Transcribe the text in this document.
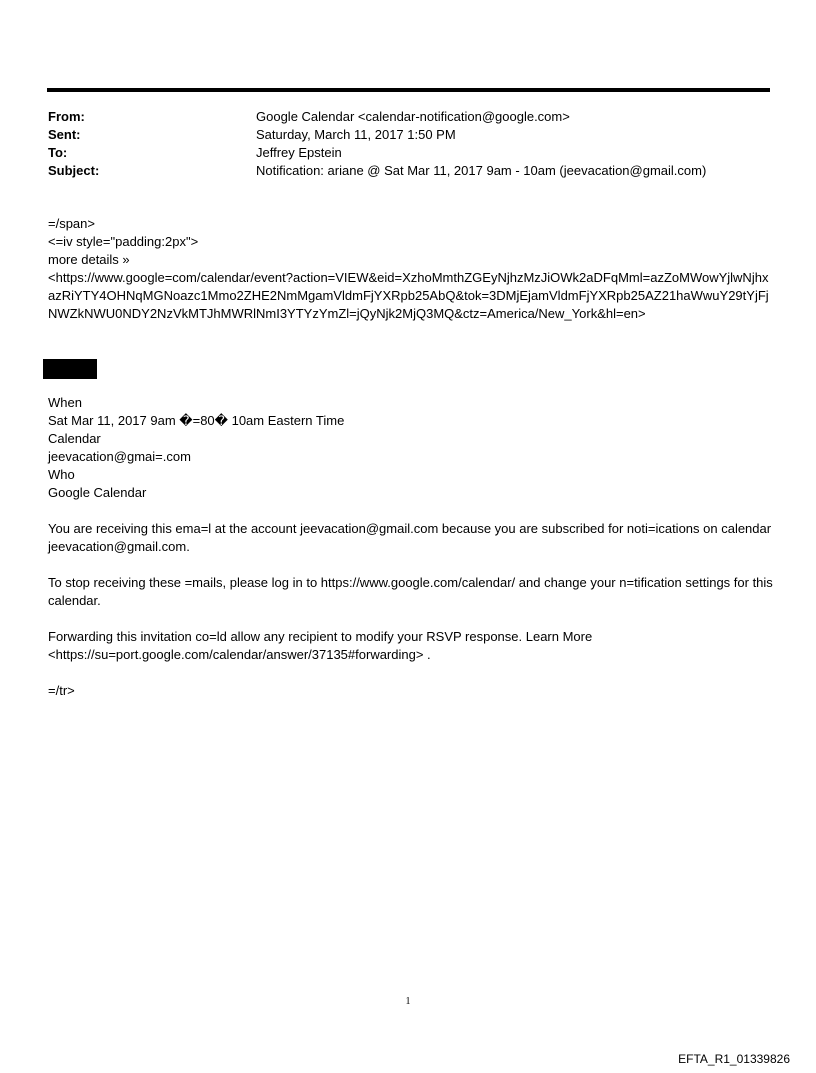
From:	Google Calendar <calendar-notification@google.com>
Sent:	Saturday, March 11, 2017 1:50 PM
To:	Jeffrey Epstein
Subject:	Notification: ariane @ Sat Mar 11, 2017 9am - 10am (jeevacation@gmail.com)

=/span>

<=iv style="padding:2px">

more details »

<https://www.google=com/calendar/event?action=VIEW&eid=XzhoMmthZGEyNjhzMzJiOWk2aDFqMml=azZoMWowYjlwNjhxazRiYTY4OHNqMGNoazc1Mmo2ZHE2NmMgamVldmFjYXRpb25AbQ&tok=3DMjEjamVldmFjYXRpb25AZ21haWwuY29tYjFjNWZkNWU0NDY2NzVkMTJhMWRlNmI3YTYzYmZl=jQyNjk2MjQ3MQ&ctz=America/New_York&hl=en>

When

Sat Mar 11, 2017 9am �=80� 10am Eastern Time

Calendar

jeevacation@gmai=.com

Who

Google Calendar

You are receiving this ema=l at the account jeevacation@gmail.com because you are subscribed for noti=ications on calendar jeevacation@gmail.com.

To stop receiving these =mails, please log in to https://www.google.com/calendar/ and change your n=tification settings for this calendar.

Forwarding this invitation co=ld allow any recipient to modify your RSVP response. Learn More

<https://su=port.google.com/calendar/answer/37135#forwarding> .

=/tr>

1
EFTA_R1_01339826
